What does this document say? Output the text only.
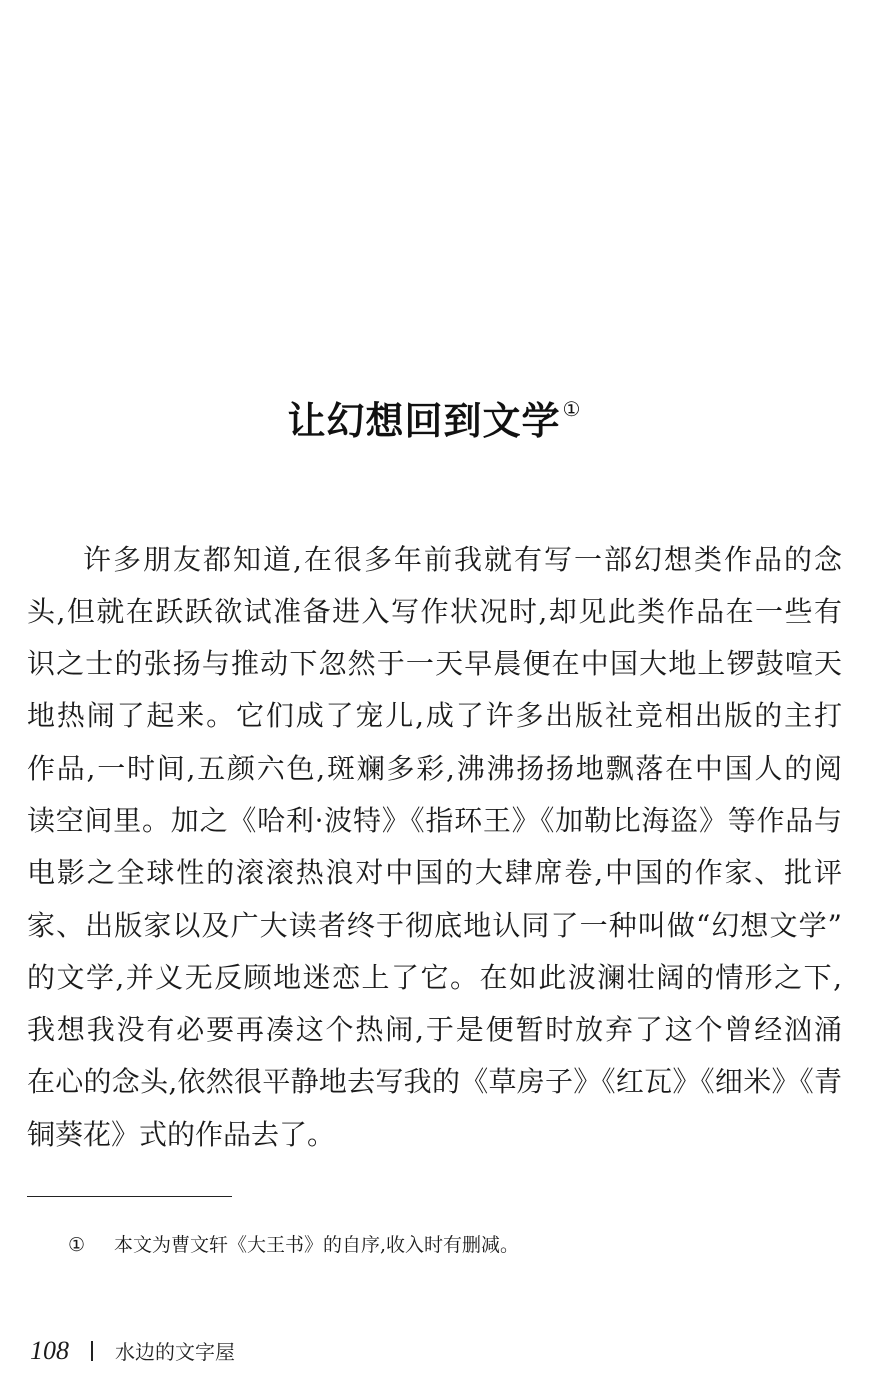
让幻想回到文学 ①
许多朋友都知道,在很多年前我就有写一部幻想类作品的念
头,但就在跃跃欲试准备进入写作状况时,却见此类作品在一些有
识之士的张扬与推动下忽然于一天早晨便在中国大地上锣鼓喧天
地热闹了起来。它们成了宠儿,成了许多出版社竞相出版的主打
作品,一时间,五颜六色,斑斓多彩,沸沸扬扬地飘落在中国人的阅
读空间里。加之《哈利·波特》《指环王》《加勒比海盗》等作品与
电影之全球性的滚滚热浪对中国的大肆席卷,中国的作家、批评
家、出版家以及广大读者终于彻底地认同了一种叫做“幻想文学”
的文学,并义无反顾地迷恋上了它。在如此波澜壮阔的情形之下,
我想我没有必要再凑这个热闹,于是便暂时放弃了这个曾经汹涌
在心的念头,依然很平静地去写我的《草房子》《红瓦》《细米》《青
铜葵花》式的作品去了。
① 本文为曹文轩《大王书》的自序,收入时有删减。
108 水边的文字屋
